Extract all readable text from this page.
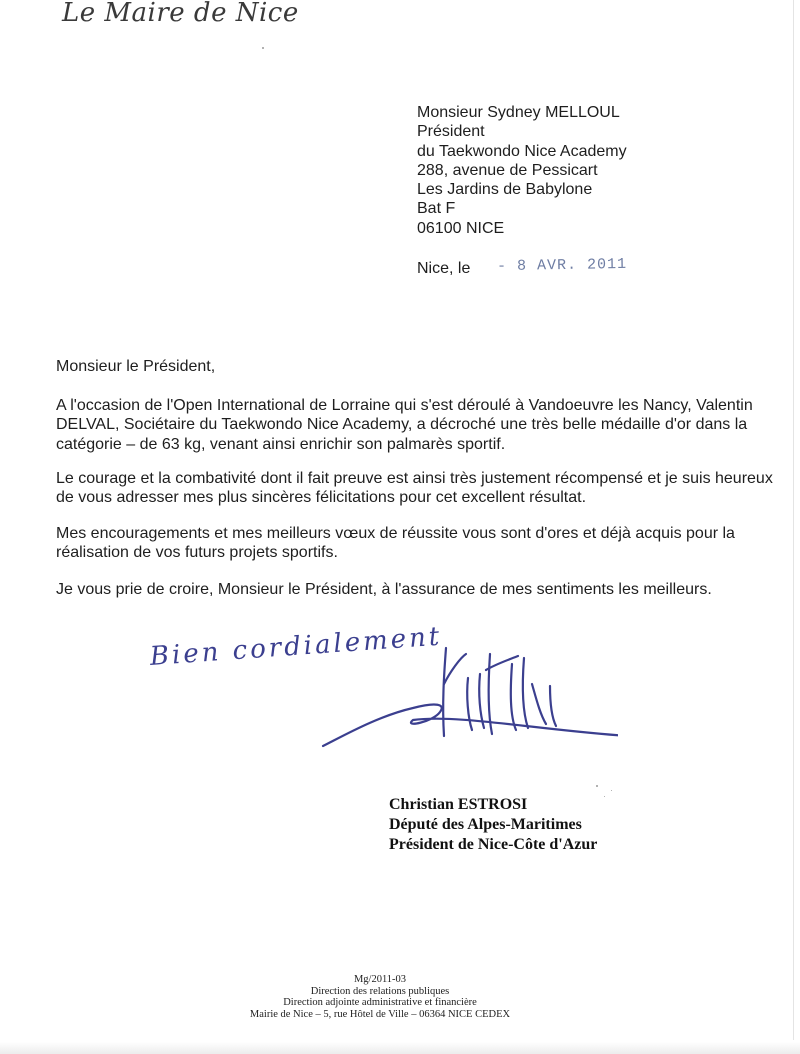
Le Maire de Nice
Monsieur Sydney MELLOUL
Président
du Taekwondo Nice Academy
288, avenue de Pessicart
Les Jardins de Babylone
Bat F
06100 NICE
Nice, le - 8 AVR. 2011
Monsieur le Président,

A l'occasion de l'Open International de Lorraine qui s'est déroulé à Vandoeuvre les Nancy, Valentin DELVAL, Sociétaire du Taekwondo Nice Academy, a décroché une très belle médaille d'or dans la catégorie – de 63 kg, venant ainsi enrichir son palmarès sportif.

Le courage et la combativité dont il fait preuve est ainsi très justement récompensé et je suis heureux de vous adresser mes plus sincères félicitations pour cet excellent résultat.

Mes encouragements et mes meilleurs vœux de réussite vous sont d'ores et déjà acquis pour la réalisation de vos futurs projets sportifs.

Je vous prie de croire, Monsieur le Président, à l'assurance de mes sentiments les meilleurs.

Bien cordialement
Christian ESTROSI
Député des Alpes-Maritimes
Président de Nice-Côte d'Azur
Mg/2011-03
Direction des relations publiques
Direction adjointe administrative et financière
Mairie de Nice – 5, rue Hôtel de Ville – 06364 NICE CEDEX
